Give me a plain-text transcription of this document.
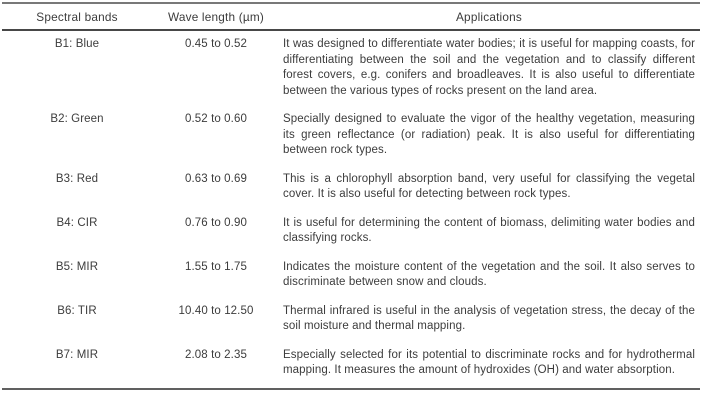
Spectral bands	Wave length (µm)	Applications
B1: Blue	0.45 to 0.52	It was designed to differentiate water bodies; it is useful for mapping coasts, for differentiating between the soil and the vegetation and to classify different forest covers, e.g. conifers and broadleaves. It is also useful to differentiate between the various types of rocks present on the land area.
B2: Green	0.52 to 0.60	Specially designed to evaluate the vigor of the healthy vegetation, measuring its green reflectance (or radiation) peak. It is also useful for differentiating between rock types.
B3: Red	0.63 to 0.69	This is a chlorophyll absorption band, very useful for classifying the vegetal cover. It is also useful for detecting between rock types.
B4: CIR	0.76 to 0.90	It is useful for determining the content of biomass, delimiting water bodies and classifying rocks.
B5: MIR	1.55 to 1.75	Indicates the moisture content of the vegetation and the soil. It also serves to discriminate between snow and clouds.
B6: TIR	10.40 to 12.50	Thermal infrared is useful in the analysis of vegetation stress, the decay of the soil moisture and thermal mapping.
B7: MIR	2.08 to 2.35	Especially selected for its potential to discriminate rocks and for hydrothermal mapping. It measures the amount of hydroxides (OH) and water absorption.
